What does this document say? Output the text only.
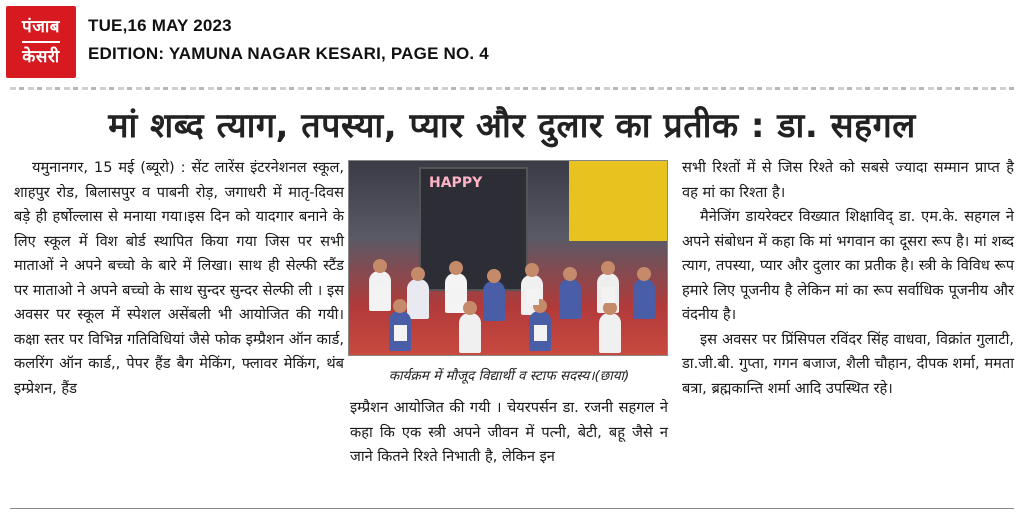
पंजाब
केसरी
TUE,16 MAY 2023
EDITION: YAMUNA NAGAR KESARI, PAGE NO. 4
मां शब्द त्याग, तपस्या, प्यार और दुलार का प्रतीक : डा. सहगल

यमुनानगर, 15 मई (ब्यूरो) : सेंट लारेंस इंटरनेशनल स्कूल, शाहपुर रोड, बिलासपुर व पाबनी रोड़, जगाधरी में मातृ-दिवस बड़े ही हर्षोल्लास से मनाया गया।इस दिन को यादगार बनाने के लिए स्कूल में विश बोर्ड स्थापित किया गया जिस पर सभी माताओं ने अपने बच्चो के बारे में लिखा। साथ ही सेल्फी स्टैंड पर माताओ ने अपने बच्चो के साथ सुन्दर सुन्दर सेल्फी ली । इस अवसर पर स्कूल में स्पेशल असेंबली भी आयोजित की गयी।कक्षा स्तर पर विभिन्न गतिविधियां जैसे फोक इम्प्रैशन ऑन कार्ड, कलरिंग ऑन कार्ड,, पेपर हैंड बैग मेकिंग, फ्लावर मेकिंग, थंब इम्प्रेशन, हैंड

HAPPY
कार्यक्रम में मौजूद विद्यार्थी व स्टाफ सदस्य।(छाया)

इम्प्रैशन आयोजित की गयी । चेयरपर्सन डा. रजनी सहगल ने कहा कि एक स्त्री अपने जीवन में पत्नी, बेटी, बहू जैसे न जाने कितने रिश्ते निभाती है, लेकिन इन

सभी रिश्तों में से जिस रिश्ते को सबसे ज्यादा सम्मान प्राप्त है वह मां का रिश्ता है।

मैनेजिंग डायरेक्टर विख्यात शिक्षाविद् डा. एम.के. सहगल ने अपने संबोधन में कहा कि मां भगवान का दूसरा रूप है। मां शब्द त्याग, तपस्या, प्यार और दुलार का प्रतीक है। स्त्री के विविध रूप हमारे लिए पूजनीय है लेकिन मां का रूप सर्वाधिक पूजनीय और वंदनीय है।

इस अवसर पर प्रिंसिपल रविंदर सिंह वाधवा, विक्रांत गुलाटी, डा.जी.बी. गुप्ता, गगन बजाज, शैली चौहान, दीपक शर्मा, ममता बत्रा, ब्रह्मकान्ति शर्मा आदि उपस्थित रहे।
